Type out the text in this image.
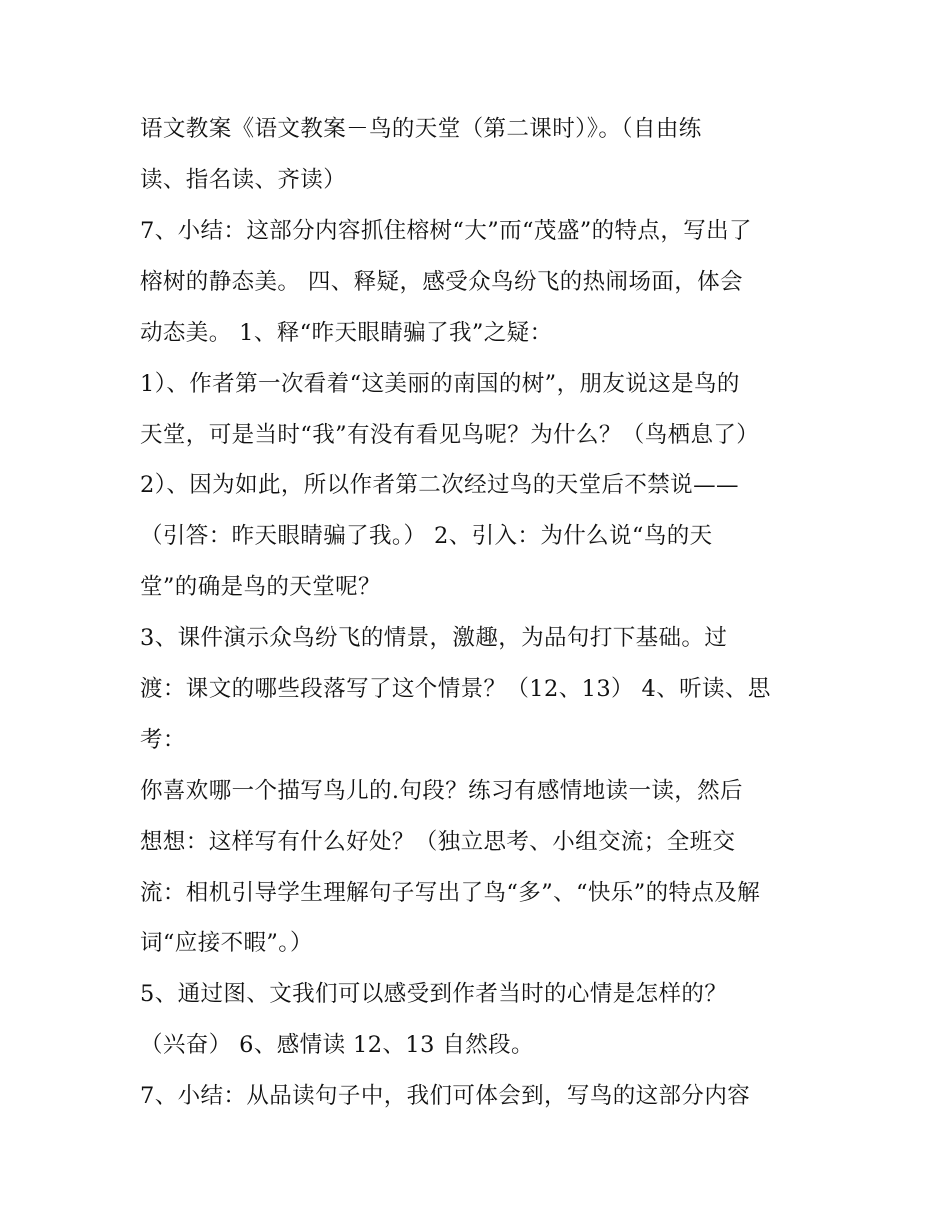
语文教案《语文教案－鸟的天堂（第二课时）》。（自由练
读、指名读、齐读）
7、小结：这部分内容抓住榕树“大”而“茂盛”的特点，写出了
榕树的静态美。 四、释疑，感受众鸟纷飞的热闹场面，体会
动态美。 1、释“昨天眼睛骗了我”之疑：
1）、作者第一次看着“这美丽的南国的树”，朋友说这是鸟的
天堂，可是当时“我”有没有看见鸟呢？为什么？（鸟栖息了）
2）、因为如此，所以作者第二次经过鸟的天堂后不禁说——
（引答：昨天眼睛骗了我。） 2、引入：为什么说“鸟的天
堂”的确是鸟的天堂呢？
3、课件演示众鸟纷飞的情景，激趣，为品句打下基础。过
渡：课文的哪些段落写了这个情景？（12、13） 4、听读、思
考：
你喜欢哪一个描写鸟儿的.句段？练习有感情地读一读，然后
想想：这样写有什么好处？（独立思考、小组交流；全班交
流：相机引导学生理解句子写出了鸟“多”、“快乐”的特点及解
词“应接不暇”。）
5、通过图、文我们可以感受到作者当时的心情是怎样的？
（兴奋） 6、感情读 12、13 自然段。
7、小结：从品读句子中，我们可体会到，写鸟的这部分内容
